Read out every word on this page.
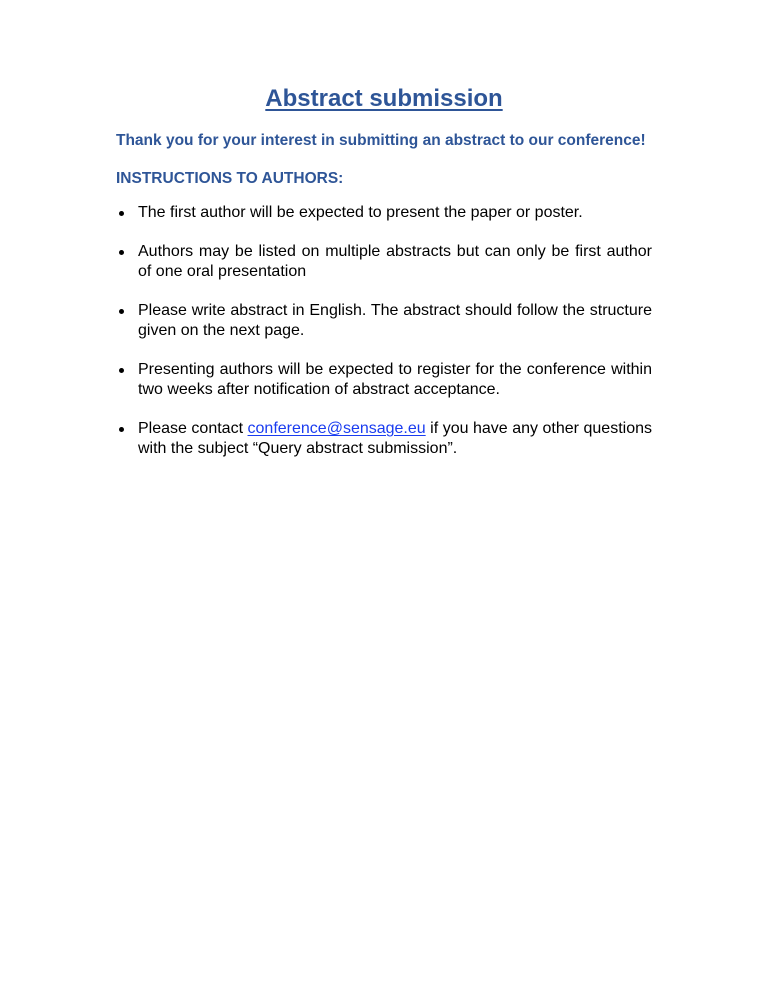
Abstract submission

Thank you for your interest in submitting an abstract to our conference!

INSTRUCTIONS TO AUTHORS:

The first author will be expected to present the paper or poster.
Authors may be listed on multiple abstracts but can only be first author of one oral presentation
Please write abstract in English. The abstract should follow the structure given on the next page.
Presenting authors will be expected to register for the conference within two weeks after notification of abstract acceptance.
Please contact conference@sensage.eu if you have any other questions with the subject “Query abstract submission”.
